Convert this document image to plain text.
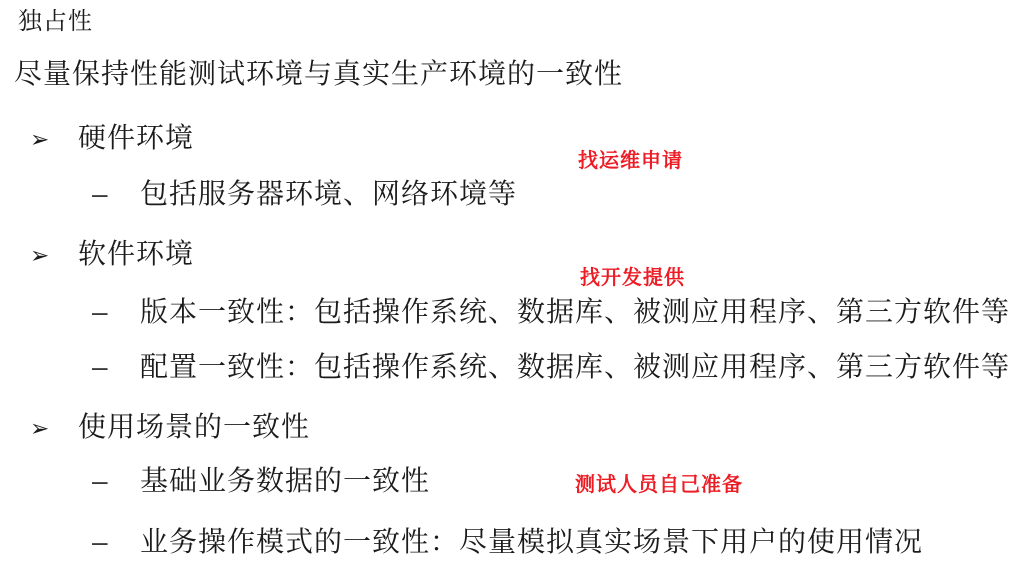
独占性
尽量保持性能测试环境与真实生产环境的一致性
➢ 硬件环境
找运维申请
– 包括服务器环境、网络环境等
➢ 软件环境
找开发提供
– 版本一致性：包括操作系统、数据库、被测应用程序、第三方软件等
– 配置一致性：包括操作系统、数据库、被测应用程序、第三方软件等
➢ 使用场景的一致性
测试人员自己准备
– 基础业务数据的一致性
– 业务操作模式的一致性：尽量模拟真实场景下用户的使用情况
